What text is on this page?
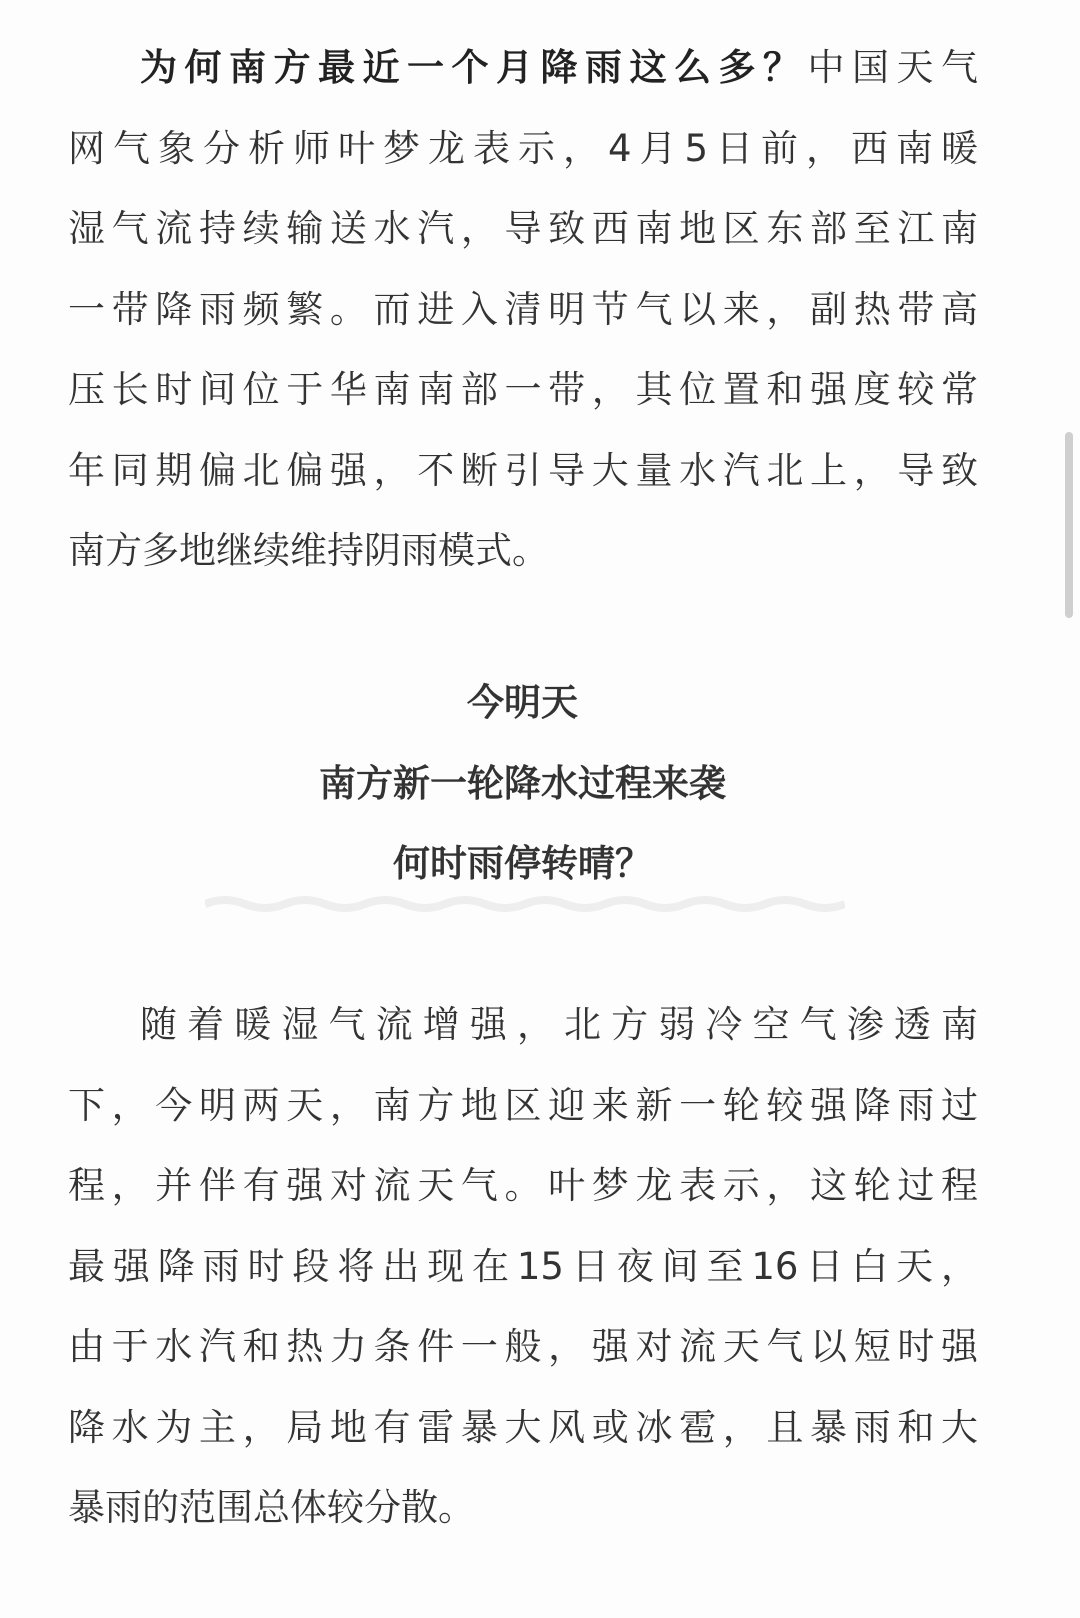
为何南方最近一个月降雨这么多？中国天气
网气象分析师叶梦龙表示，4月5日前，西南暖
湿气流持续输送水汽，导致西南地区东部至江南
一带降雨频繁。而进入清明节气以来，副热带高
压长时间位于华南南部一带，其位置和强度较常
年同期偏北偏强，不断引导大量水汽北上，导致
南方多地继续维持阴雨模式。
今明天
南方新一轮降水过程来袭
何时雨停转晴？
随着暖湿气流增强，北方弱冷空气渗透南
下，今明两天，南方地区迎来新一轮较强降雨过
程，并伴有强对流天气。叶梦龙表示，这轮过程
最强降雨时段将出现在15日夜间至16日白天，
由于水汽和热力条件一般，强对流天气以短时强
降水为主，局地有雷暴大风或冰雹，且暴雨和大
暴雨的范围总体较分散。
